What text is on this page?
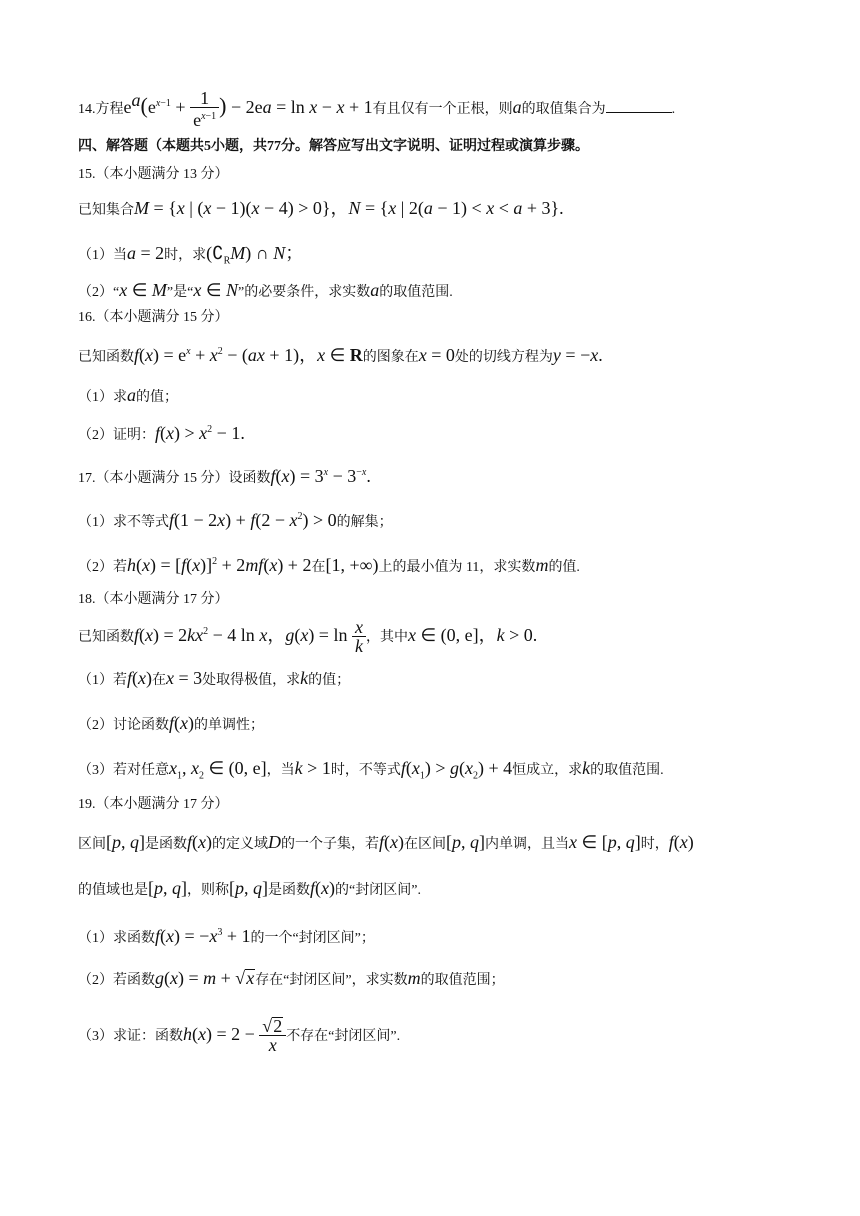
14.方程$e^a(e^{x-1} + \frac{1}{e^{x-1}}$ ) − 2ea = ln x − x + 1有且仅有一个正根，则a的取值集合为	.
四、解答题（本题共5小题，共77分。解答应写出文字说明、证明过程或演算步骤。
15.（本小题满分 13 分）
已知集合M = {x | (x − 1)(x − 4) > 0}，N = {x | 2(a − 1) < x < a + 3}.
（1）当a = 2时，求$(∁_RM)$ ∩ N；
（2）“x ∈ M”是“x ∈ N”的必要条件，求实数a的取值范围.
16.（本小题满分 15 分）
已知函数$f(x) = e^x + x^2 - (ax + 1)$，x ∈ R的图象在x = 0处的切线方程为y = −x.
（1）求a的值；
（2）证明：$f(x) > x^2 - 1$.
17.（本小题满分 15 分）设函数$f(x) = 3^x - 3^{-x}$.
（1）求不等式$f(1 - 2x) + f(2 - x^2) > 0$的解集；
（2）若$h(x) = [f(x)]^2 + 2mf(x) + 2$在[1, +∞)上的最小值为 11，求实数m的值.
18.（本小题满分 17 分）
已知函数$f(x) = 2kx^2 - 4$ ln x，$g(x) = \ln \frac{x}{k}$ ，其中x ∈ (0, e]，k > 0.
（1）若f(x)在x = 3处取得极值，求k的值；
（2）讨论函数f(x)的单调性；
（3）若对任意$x_1$, $x_2$ ∈ (0, e]，当k > 1时，不等式$f(x_1) > g(x_2) + 4$恒成立，求k的取值范围.
19.（本小题满分 17 分）
区间[p, q]是函数f(x)的定义域D的一个子集，若f(x)在区间[p, q]内单调，且当x ∈ [p, q]时，f(x)
的值域也是[p, q]，则称[p, q]是函数f(x)的“封闭区间”.
（1）求函数$f(x) = -x^3 + 1$的一个“封闭区间”；
（2）若函数g(x) = m + √x存在“封闭区间”，求实数m的取值范围；
（3）求证：函数$h(x) = 2 - \frac{√2}{x}$ 不存在“封闭区间”.
